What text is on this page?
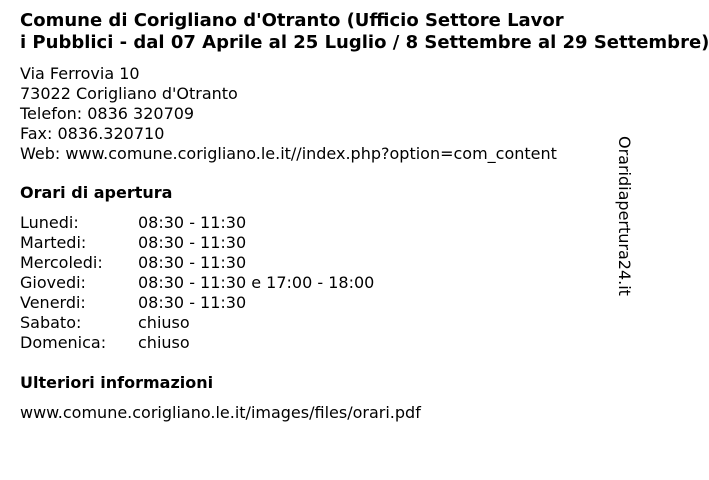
Comune di Corigliano d'Otranto (Ufficio Settore Lavor
i Pubblici - dal 07 Aprile al 25 Luglio / 8 Settembre al 29 Settembre)
Via Ferrovia 10
73022 Corigliano d'Otranto
Telefon: 0836 320709
Fax: 0836.320710
Web: www.comune.corigliano.le.it//index.php?option=com_content
Orari di apertura
Lunedi:	08:30 - 11:30
Martedi:	08:30 - 11:30
Mercoledi:	08:30 - 11:30
Giovedi:	08:30 - 11:30 e 17:00 - 18:00
Venerdi:	08:30 - 11:30
Sabato:	chiuso
Domenica:	chiuso
Ulteriori informazioni
www.comune.corigliano.le.it/images/files/orari.pdf
Oraridiapertura24.it
